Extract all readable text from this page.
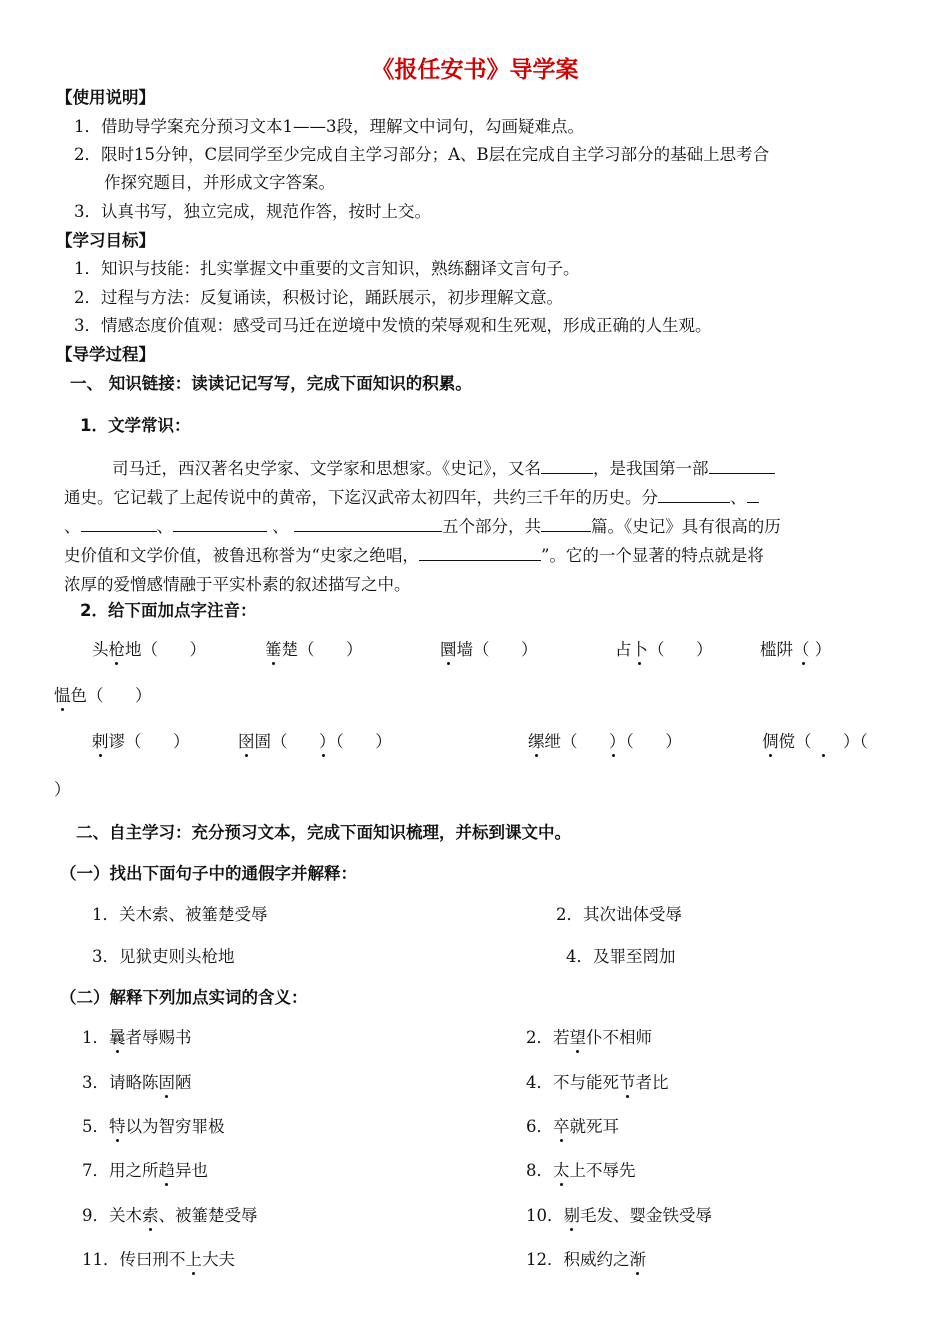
《报任安书》导学案
【使用说明】
1．借助导学案充分预习文本1——3段，理解文中词句，勾画疑难点。
2．限时15分钟，C层同学至少完成自主学习部分；A、B层在完成自主学习部分的基础上思考合
作探究题目，并形成文字答案。
3．认真书写，独立完成，规范作答，按时上交。
【学习目标】
1．知识与技能：扎实掌握文中重要的文言知识，熟练翻译文言句子。
2．过程与方法：反复诵读，积极讨论，踊跃展示，初步理解文意。
3．情感态度价值观：感受司马迁在逆境中发愤的荣辱观和生死观，形成正确的人生观。
【导学过程】
一、 知识链接：读读记记写写，完成下面知识的积累。
1．文学常识：
司马迁，西汉著名史学家、文学家和思想家。《史记》，又名	，是我国第一部
通史。它记载了上起传说中的黄帝，下迄汉武帝太初四年，共约三千年的历史。分	、
、	、	、	五个部分，共	篇。《史记》具有很高的历
史价值和文学价值，被鲁迅称誉为“史家之绝唱，	”。它的一个显著的特点就是将
浓厚的爱憎感情融于平实朴素的叙述描写之中。
2．给下面加点字注音：
头枪地（      ）	箠楚（      ）	圜墙（      ）	占卜（      ）	槛阱（ ）
愠色（      ）
剌谬（      ）	囹圄（      ）（      ）	缧绁（      ）（      ）	倜傥（      ）（
）
二、自主学习：充分预习文本，完成下面知识梳理，并标到课文中。
（一）找出下面句子中的通假字并解释：
1．关木索、被箠楚受辱	2．其次诎体受辱
3．见狱吏则头枪地	4．及罪至罔加
（二）解释下列加点实词的含义：
1．曩者辱赐书	2．若望仆不相师
3．请略陈固陋	4．不与能死节者比
5．特以为智穷罪极	6．卒就死耳
7．用之所趋异也	8．太上不辱先
9．关木索、被箠楚受辱	10．剔毛发、婴金铁受辱
11．传曰刑不上大夫	12．积威约之渐
